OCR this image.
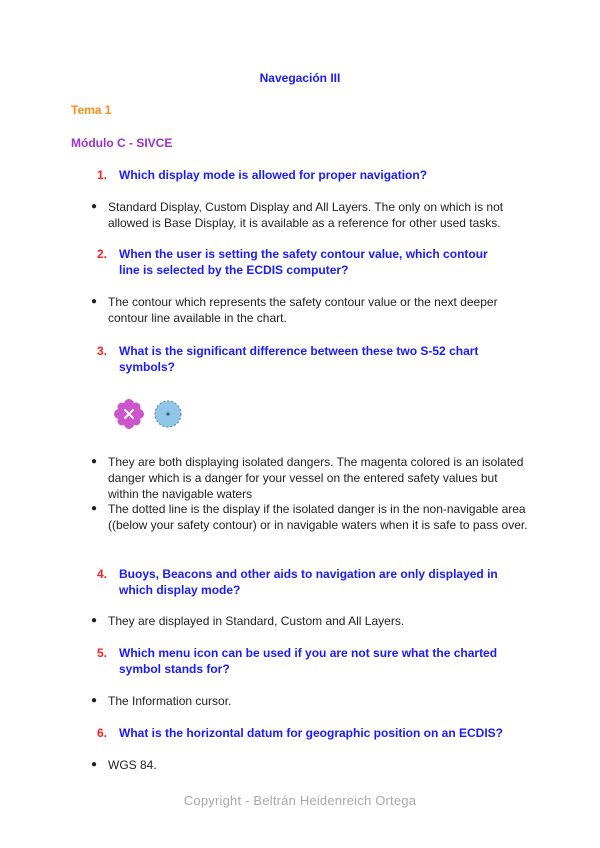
Navegación III
Tema 1
Módulo C - SIVCE
1. Which display mode is allowed for proper navigation?
● Standard Display, Custom Display and All Layers. The only on which is not allowed is Base Display, it is available as a reference for other used tasks.
2. When the user is setting the safety contour value, which contour line is selected by the ECDIS computer?
● The contour which represents the safety contour value or the next deeper contour line available in the chart.
3. What is the significant difference between these two S-52 chart symbols?
● They are both displaying isolated dangers. The magenta colored is an isolated danger which is a danger for your vessel on the entered safety values but within the navigable waters
● The dotted line is the display if the isolated danger is in the non-navigable area ((below your safety contour) or in navigable waters when it is safe to pass over.
4. Buoys, Beacons and other aids to navigation are only displayed in which display mode?
● They are displayed in Standard, Custom and All Layers.
5. Which menu icon can be used if you are not sure what the charted symbol stands for?
● The Information cursor.
6. What is the horizontal datum for geographic position on an ECDIS?
● WGS 84.
Copyright - Beltrán Heidenreich Ortega
